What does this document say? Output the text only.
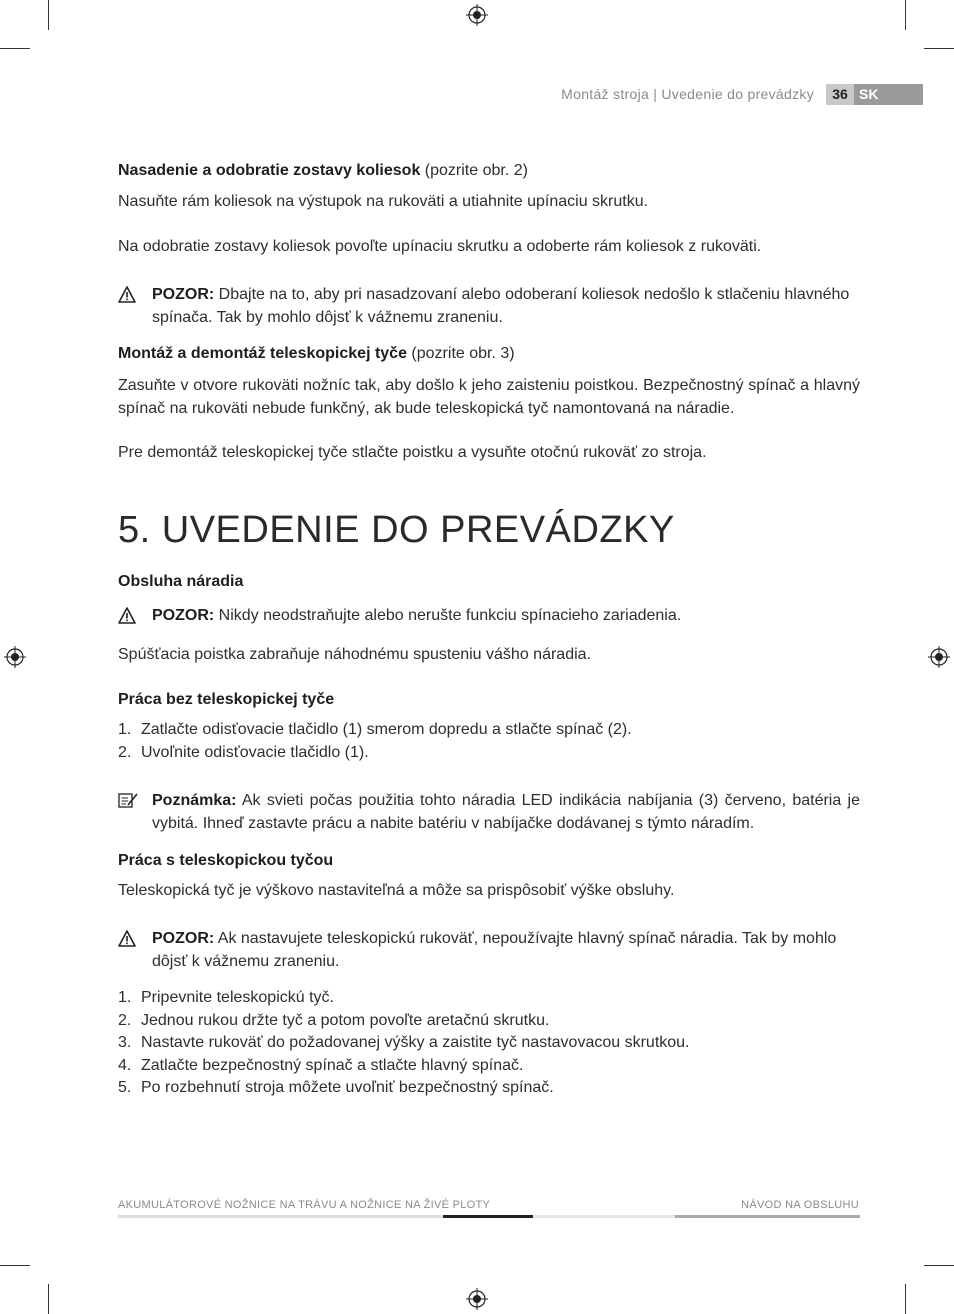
Montáž stroja | Uvedenie do prevádzky	36 SK

Nasadenie a odobratie zostavy koliesok (pozrite obr. 2)

Nasuňte rám koliesok na výstupok na rukoväti a utiahnite upínaciu skrutku.

Na odobratie zostavy koliesok povoľte upínaciu skrutku a odoberte rám koliesok z rukoväti.

POZOR: Dbajte na to, aby pri nasadzovaní alebo odoberaní koliesok nedošlo k stlačeniu hlavného spínača. Tak by mohlo dôjsť k vážnemu zraneniu.

Montáž a demontáž teleskopickej tyče (pozrite obr. 3)

Zasuňte v otvore rukoväti nožníc tak, aby došlo k jeho zaisteniu poistkou. Bezpečnostný spínač a hlavný spínač na rukoväti nebude funkčný, ak bude teleskopická tyč namontovaná na náradie.

Pre demontáž teleskopickej tyče stlačte poistku a vysuňte otočnú rukoväť zo stroja.

5. UVEDENIE DO PREVÁDZKY

Obsluha náradia

POZOR: Nikdy neodstraňujte alebo nerušte funkciu spínacieho zariadenia.

Spúšťacia poistka zabraňuje náhodnému spusteniu vášho náradia.

Práca bez teleskopickej tyče

1. Zatlačte odisťovacie tlačidlo (1) smerom dopredu a stlačte spínač (2).
2. Uvoľnite odisťovacie tlačidlo (1).

Poznámka: Ak svieti počas použitia tohto náradia LED indikácia nabíjania (3) červeno, batéria je vybitá. Ihneď zastavte prácu a nabite batériu v nabíjačke dodávanej s týmto náradím.

Práca s teleskopickou tyčou

Teleskopická tyč je výškovo nastaviteľná a môže sa prispôsobiť výške obsluhy.

POZOR: Ak nastavujete teleskopickú rukoväť, nepoužívajte hlavný spínač náradia. Tak by mohlo dôjsť k vážnemu zraneniu.

1. Pripevnite teleskopickú tyč.
2. Jednou rukou držte tyč a potom povoľte aretačnú skrutku.
3. Nastavte rukoväť do požadovanej výšky a zaistite tyč nastavovacou skrutkou.
4. Zatlačte bezpečnostný spínač a stlačte hlavný spínač.
5. Po rozbehnutí stroja môžete uvoľniť bezpečnostný spínač.
AKUMULÁTOROVÉ NOŽNICE NA TRÁVU A NOŽNICE NA ŽIVÉ PLOTY	NÁVOD NA OBSLUHU
